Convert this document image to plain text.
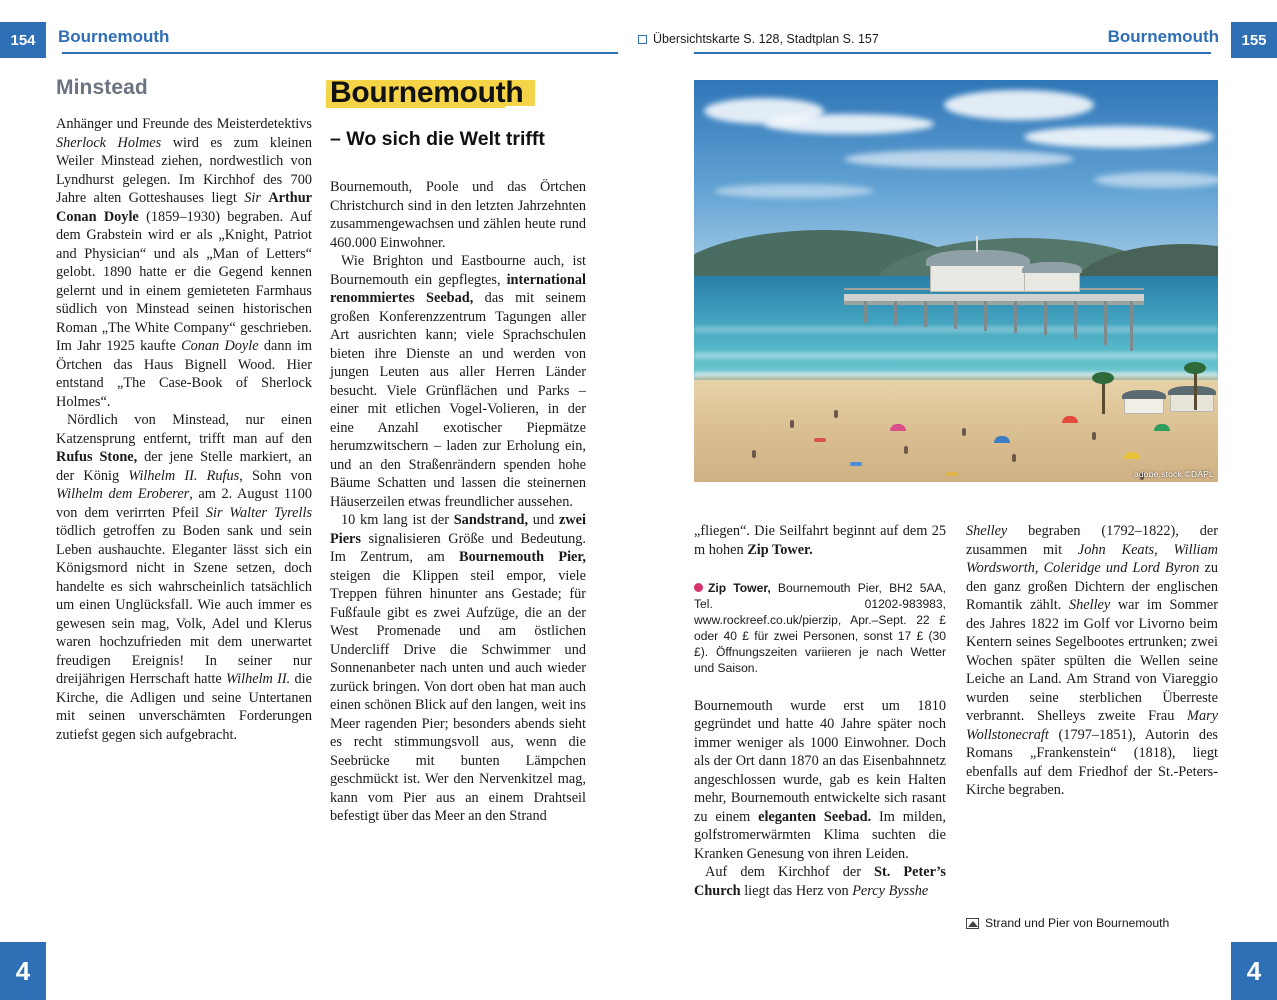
154	Bournemouth
Minstead

Anhänger und Freunde des Meisterdetektivs Sherlock Holmes wird es zum kleinen Weiler Minstead ziehen, nordwestlich von Lyndhurst gelegen. Im Kirchhof des 700 Jahre alten Gotteshauses liegt Sir Arthur Conan Doyle (1859–1930) begraben. Auf dem Grabstein wird er als „Knight, Patriot and Physician“ und als „Man of Letters“ gelobt. 1890 hatte er die Gegend kennen gelernt und in einem gemieteten Farmhaus südlich von Minstead seinen historischen Roman „The White Company“ geschrieben. Im Jahr 1925 kaufte Conan Doyle dann im Örtchen das Haus Bignell Wood. Hier entstand „The Case-Book of Sherlock Holmes“.

Nördlich von Minstead, nur einen Katzensprung entfernt, trifft man auf den Rufus Stone, der jene Stelle markiert, an der König Wilhelm II. Rufus, Sohn von Wilhelm dem Eroberer, am 2. August 1100 von dem verirrten Pfeil Sir Walter Tyrells tödlich getroffen zu Boden sank und sein Leben aushauchte. Eleganter lässt sich ein Königsmord nicht in Szene setzen, doch handelte es sich wahrscheinlich tatsächlich um einen Unglücksfall. Wie auch immer es gewesen sein mag, Volk, Adel und Klerus waren hochzufrieden mit dem unerwartet freudigen Ereignis! In seiner nur dreijährigen Herrschaft hatte Wilhelm II. die Kirche, die Adligen und seine Untertanen mit seinen unverschämten Forderungen zutiefst gegen sich aufgebracht.

Bournemouth
– Wo sich die Welt trifft

Bournemouth, Poole und das Örtchen Christchurch sind in den letzten Jahrzehnten zusammengewachsen und zählen heute rund 460.000 Einwohner.

Wie Brighton und Eastbourne auch, ist Bournemouth ein gepflegtes, international renommiertes Seebad, das mit seinem großen Konferenzzentrum Tagungen aller Art ausrichten kann; viele Sprachschulen bieten ihre Dienste an und werden von jungen Leuten aus aller Herren Länder besucht. Viele Grünflächen und Parks – einer mit etlichen Vogel-Volieren, in der eine Anzahl exotischer Piepmätze herumzwitschern – laden zur Erholung ein, und an den Straßenrändern spenden hohe Bäume Schatten und lassen die steinernen Häuserzeilen etwas freundlicher aussehen.

10 km lang ist der Sandstrand, und zwei Piers signalisieren Größe und Bedeutung. Im Zentrum, am Bournemouth Pier, steigen die Klippen steil empor, viele Treppen führen hinunter ans Gestade; für Fußfaule gibt es zwei Aufzüge, die an der West Promenade und am östlichen Undercliff Drive die Schwimmer und Sonnenanbeter nach unten und auch wieder zurück bringen. Von dort oben hat man auch einen schönen Blick auf den langen, weit ins Meer ragenden Pier; besonders abends sieht es recht stimmungsvoll aus, wenn die Seebrücke mit bunten Lämpchen geschmückt ist. Wer den Nervenkitzel mag, kann vom Pier aus an einem Drahtseil befestigt über das Meer an den Strand

4
Übersichtskarte S. 128, Stadtplan S. 157	Bournemouth	155
4
adobe.stock ©DAPL

„fliegen“. Die Seilfahrt beginnt auf dem 25 m hohen Zip Tower.

Zip Tower, Bournemouth Pier, BH2 5AA, Tel. 01202-983983, www.rockreef.co.uk/pierzip, Apr.–Sept. 22 £ oder 40 £ für zwei Personen, sonst 17 £ (30 £). Öffnungszeiten variieren je nach Wetter und Saison.

Bournemouth wurde erst um 1810 gegründet und hatte 40 Jahre später noch immer weniger als 1000 Einwohner. Doch als der Ort dann 1870 an das Eisenbahnnetz angeschlossen wurde, gab es kein Halten mehr, Bournemouth entwickelte sich rasant zu einem eleganten Seebad. Im milden, golfstromerwärmten Klima suchten die Kranken Genesung von ihren Leiden.

Auf dem Kirchhof der St. Peter’s Church liegt das Herz von Percy Bysshe

Shelley begraben (1792–1822), der zusammen mit John Keats, William Wordsworth, Coleridge und Lord Byron zu den ganz großen Dichtern der englischen Romantik zählt. Shelley war im Sommer des Jahres 1822 im Golf vor Livorno beim Kentern seines Segelbootes ertrunken; zwei Wochen später spülten die Wellen seine Leiche an Land. Am Strand von Viareggio wurden seine sterblichen Überreste verbrannt. Shelleys zweite Frau Mary Wollstonecraft (1797–1851), Autorin des Romans „Frankenstein“ (1818), liegt ebenfalls auf dem Friedhof der St.-Peters-Kirche begraben.

Strand und Pier von Bournemouth
